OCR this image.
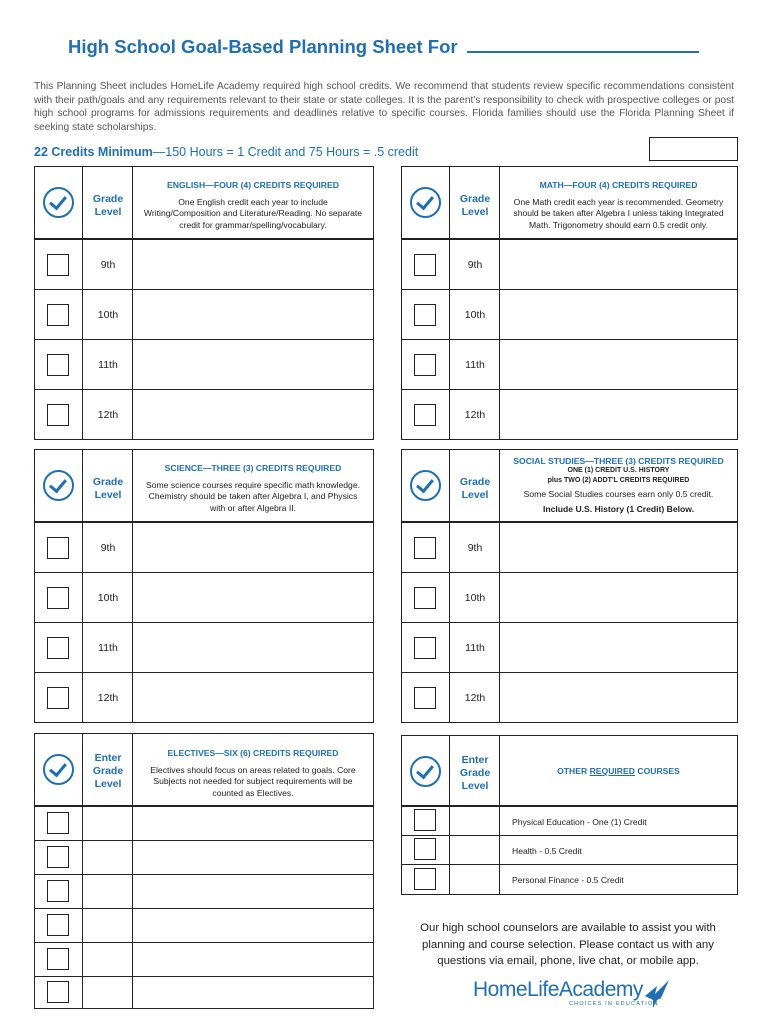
High School Goal-Based Planning Sheet For
This Planning Sheet includes HomeLife Academy required high school credits. We recommend that students review specific recommendations consistent with their path/goals and any requirements relevant to their state or state colleges. It is the parent's responsibility to check with prospective colleges or post high school programs for admissions requirements and deadlines relative to specific courses. Florida families should use the Florida Planning Sheet if seeking state scholarships.
22 Credits Minimum—150 Hours = 1 Credit and 75 Hours = .5 credit
Grade Level
ENGLISH—FOUR (4) CREDITS REQUIRED
One English credit each year to include Writing/Composition and Literature/Reading. No separate credit for grammar/spelling/vocabulary.
9th
10th
11th
12th
Grade Level
MATH—FOUR (4) CREDITS REQUIRED
One Math credit each year is recommended. Geometry should be taken after Algebra I unless taking Integrated Math. Trigonometry should earn 0.5 credit only.
9th
10th
11th
12th
Grade Level
SCIENCE—THREE (3) CREDITS REQUIRED
Some science courses require specific math knowledge. Chemistry should be taken after Algebra I, and Physics with or after Algebra II.
9th
10th
11th
12th
Grade Level
SOCIAL STUDIES—THREE (3) CREDITS REQUIRED
ONE (1) CREDIT U.S. HISTORY
plus TWO (2) ADDT'L CREDITS REQUIRED
Some Social Studies courses earn only 0.5 credit.
Include U.S. History (1 Credit) Below.
9th
10th
11th
12th
Enter Grade Level
ELECTIVES—SIX (6) CREDITS REQUIRED
Electives should focus on areas related to goals. Core Subjects not needed for subject requirements will be counted as Electives.
Enter Grade Level
OTHER REQUIRED COURSES
Physical Education - One (1) Credit
Health - 0.5 Credit
Personal Finance - 0.5 Credit
Our high school counselors are available to assist you with planning and course selection. Please contact us with any questions via email, phone, live chat, or mobile app.
HomeLifeAcademy
CHOICES IN EDUCATION
